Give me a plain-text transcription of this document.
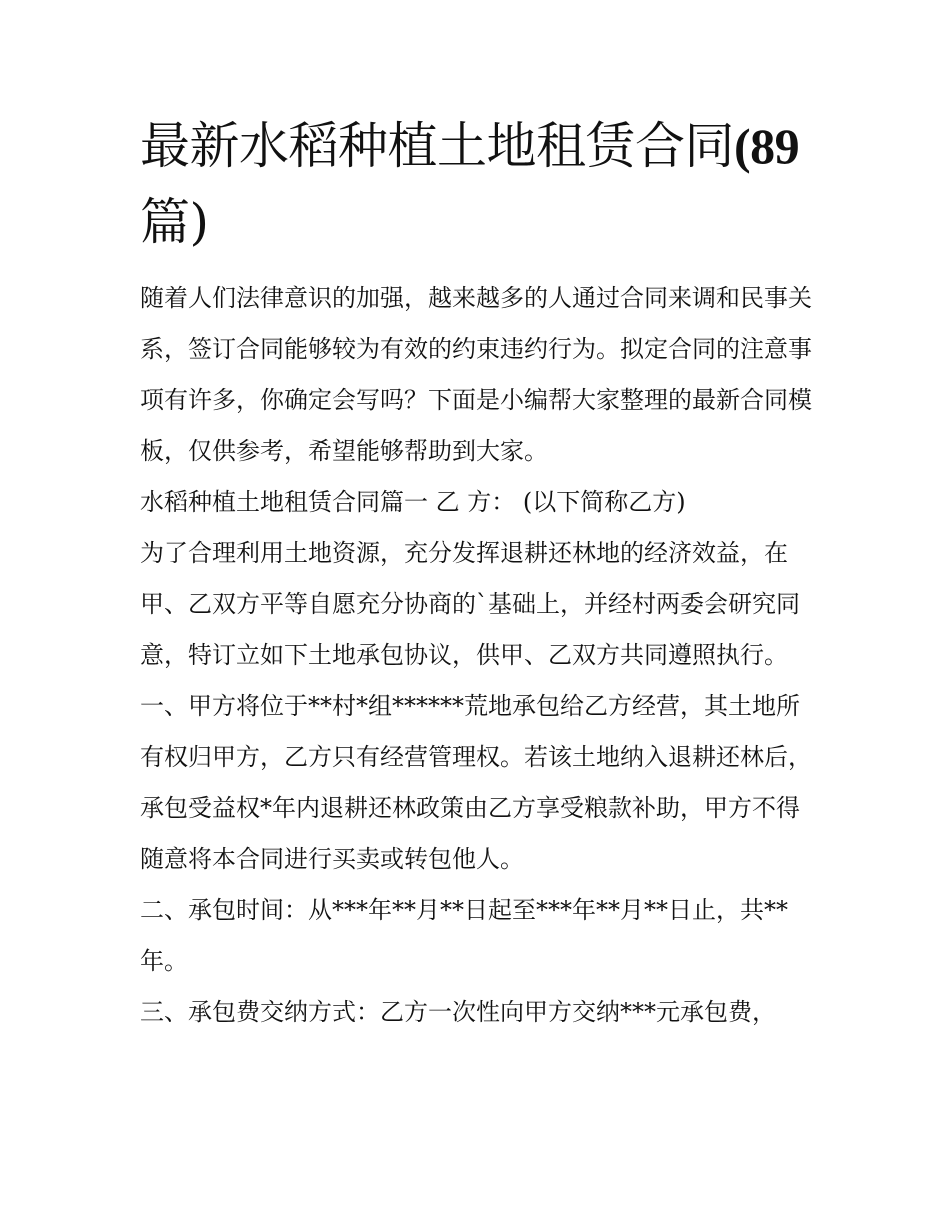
最新水稻种植土地租赁合同(89
篇)

随着人们法律意识的加强，越来越多的人通过合同来调和民事关系，签订合同能够较为有效的约束违约行为。拟定合同的注意事项有许多，你确定会写吗？下面是小编帮大家整理的最新合同模板，仅供参考，希望能够帮助到大家。

水稻种植土地租赁合同篇一 乙 方： (以下简称乙方)

为了合理利用土地资源，充分发挥退耕还林地的经济效益，在甲、乙双方平等自愿充分协商的`基础上，并经村两委会研究同意，特订立如下土地承包协议，供甲、乙双方共同遵照执行。

一、甲方将位于**村*组******荒地承包给乙方经营，其土地所有权归甲方，乙方只有经营管理权。若该土地纳入退耕还林后，承包受益权*年内退耕还林政策由乙方享受粮款补助，甲方不得随意将本合同进行买卖或转包他人。

二、承包时间：从***年**月**日起至***年**月**日止，共**年。

三、承包费交纳方式：乙方一次性向甲方交纳***元承包费，
